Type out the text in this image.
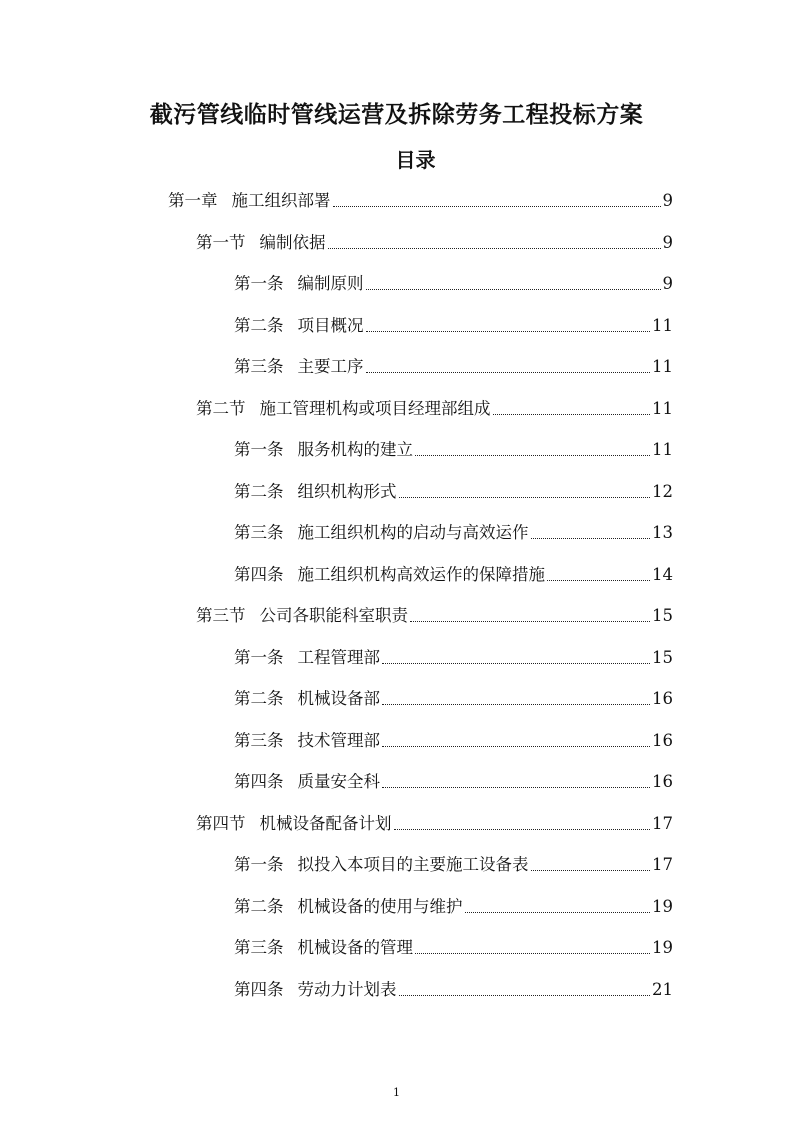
截污管线临时管线运营及拆除劳务工程投标方案
目录
第一章 施工组织部署	9
第一节 编制依据	9
第一条 编制原则	9
第二条 项目概况	11
第三条 主要工序	11
第二节 施工管理机构或项目经理部组成	11
第一条 服务机构的建立	11
第二条 组织机构形式	12
第三条 施工组织机构的启动与高效运作	13
第四条 施工组织机构高效运作的保障措施	14
第三节 公司各职能科室职责	15
第一条 工程管理部	15
第二条 机械设备部	16
第三条 技术管理部	16
第四条 质量安全科	16
第四节 机械设备配备计划	17
第一条 拟投入本项目的主要施工设备表	17
第二条 机械设备的使用与维护	19
第三条 机械设备的管理	19
第四条 劳动力计划表	21
1
